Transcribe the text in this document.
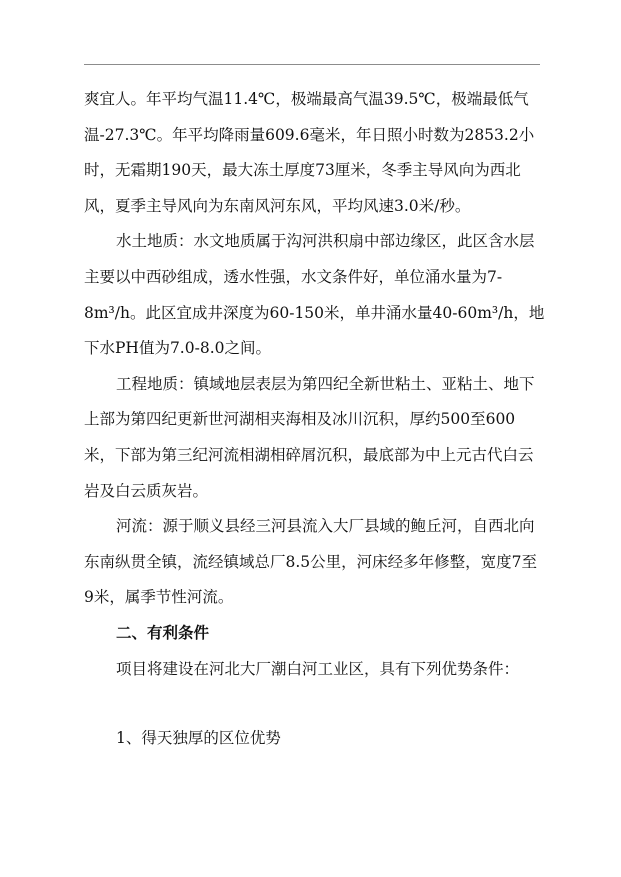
爽宜人。年平均气温11.4℃，极端最高气温39.5℃，极端最低气温-27.3℃。年平均降雨量609.6毫米，年日照小时数为2853.2小时，无霜期190天，最大冻土厚度73厘米，冬季主导风向为西北风，夏季主导风向为东南风河东风，平均风速3.0米/秒。

水土地质：水文地质属于沟河洪积扇中部边缘区，此区含水层主要以中西砂组成，透水性强，水文条件好，单位涌水量为7-8m³/h。此区宜成井深度为60-150米，单井涌水量40-60m³/h，地下水PH值为7.0-8.0之间。

工程地质：镇域地层表层为第四纪全新世粘土、亚粘土、地下上部为第四纪更新世河湖相夹海相及冰川沉积，厚约500至600米，下部为第三纪河流相湖相碎屑沉积，最底部为中上元古代白云岩及白云质灰岩。

河流：源于顺义县经三河县流入大厂县域的鲍丘河，自西北向东南纵贯全镇，流经镇域总厂8.5公里，河床经多年修整，宽度7至9米，属季节性河流。

二、有利条件

项目将建设在河北大厂潮白河工业区，具有下列优势条件：

1、得天独厚的区位优势
